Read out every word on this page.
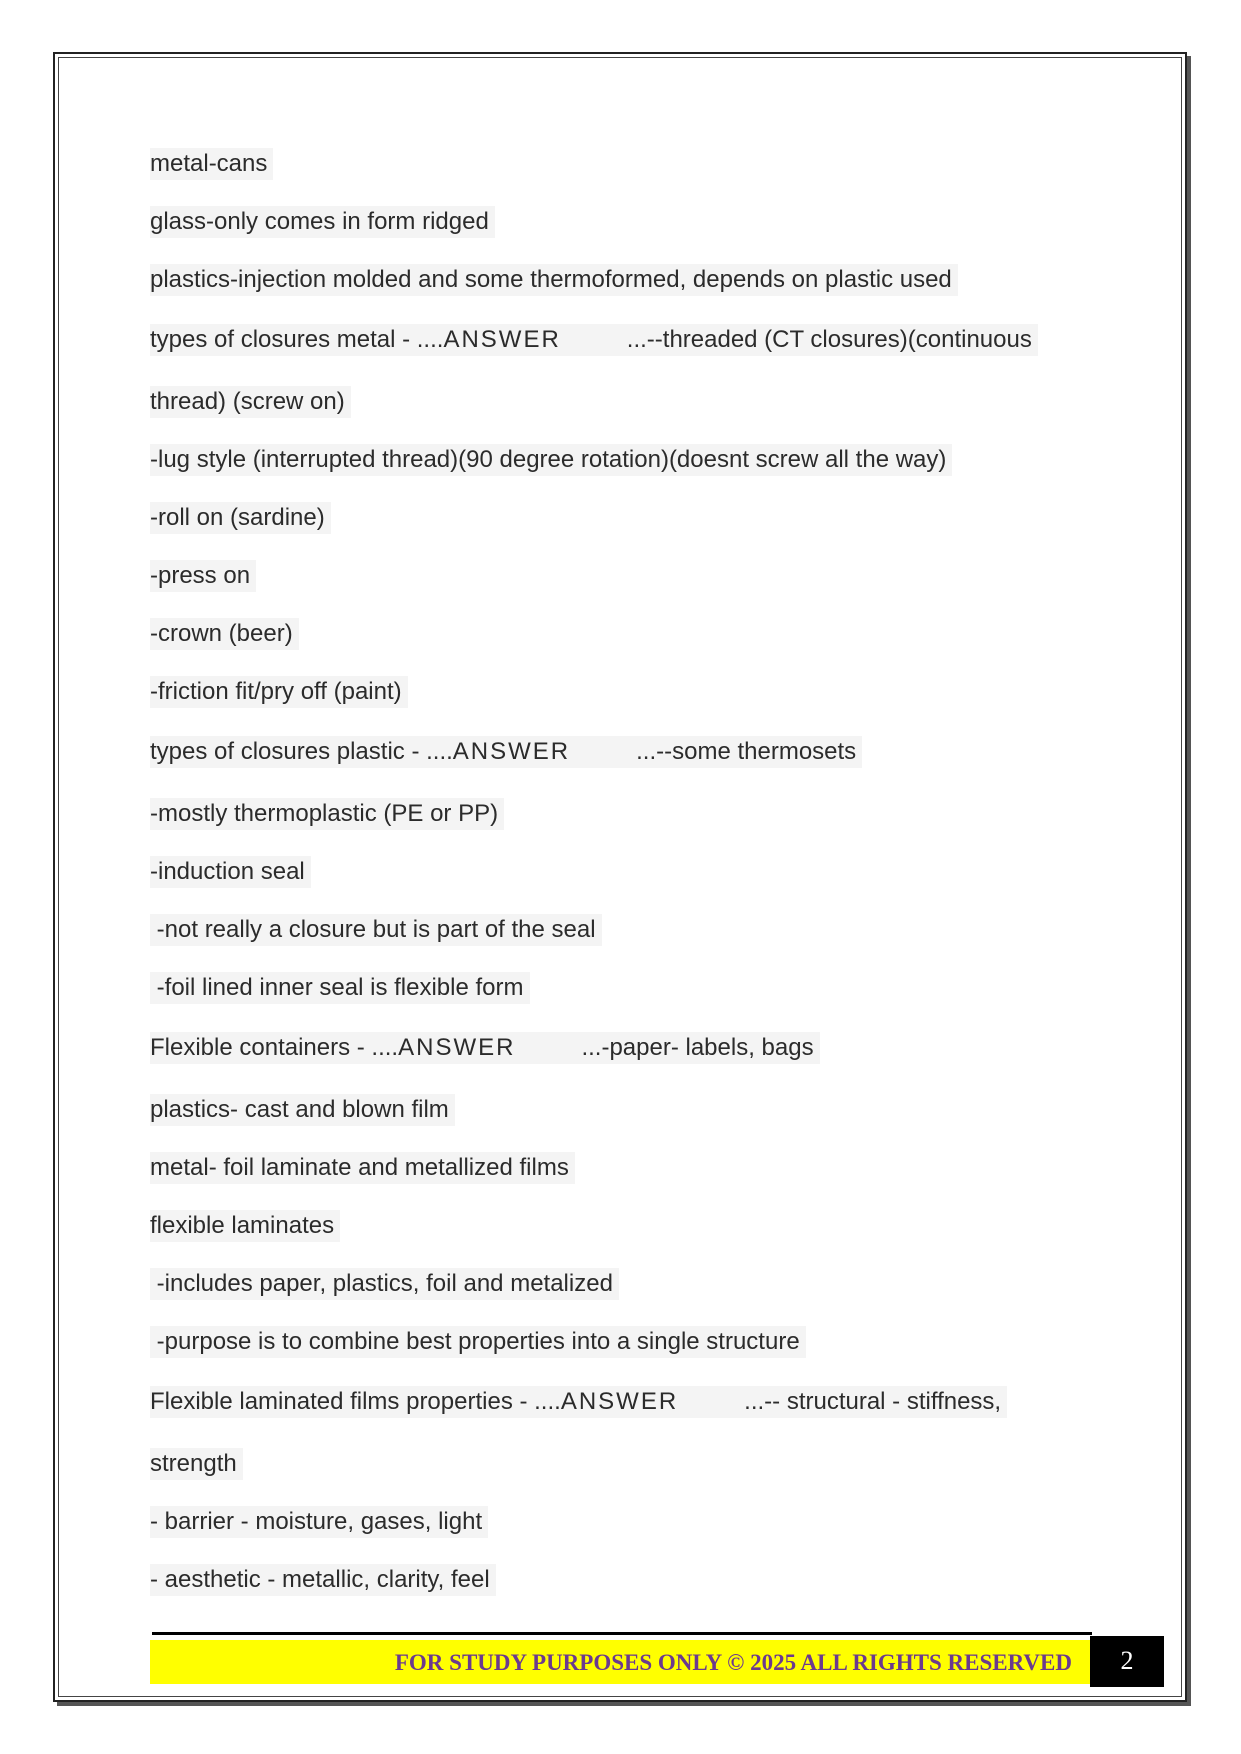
metal-cans
glass-only comes in form ridged
plastics-injection molded and some thermoformed, depends on plastic used
types of closures metal - ....ANSWER	...--threaded (CT closures)(continuous
thread) (screw on)
-lug style (interrupted thread)(90 degree rotation)(doesnt screw all the way)
-roll on (sardine)
-press on
-crown (beer)
-friction fit/pry off (paint)
types of closures plastic - ....ANSWER	...--some thermosets
-mostly thermoplastic (PE or PP)
-induction seal
-not really a closure but is part of the seal
-foil lined inner seal is flexible form
Flexible containers - ....ANSWER	...-paper- labels, bags
plastics- cast and blown film
metal- foil laminate and metallized films
flexible laminates
-includes paper, plastics, foil and metalized
-purpose is to combine best properties into a single structure
Flexible laminated films properties - ....ANSWER	...-- structural - stiffness,
strength
- barrier - moisture, gases, light
- aesthetic - metallic, clarity, feel
FOR STUDY PURPOSES ONLY © 2025 ALL RIGHTS RESERVED	2
